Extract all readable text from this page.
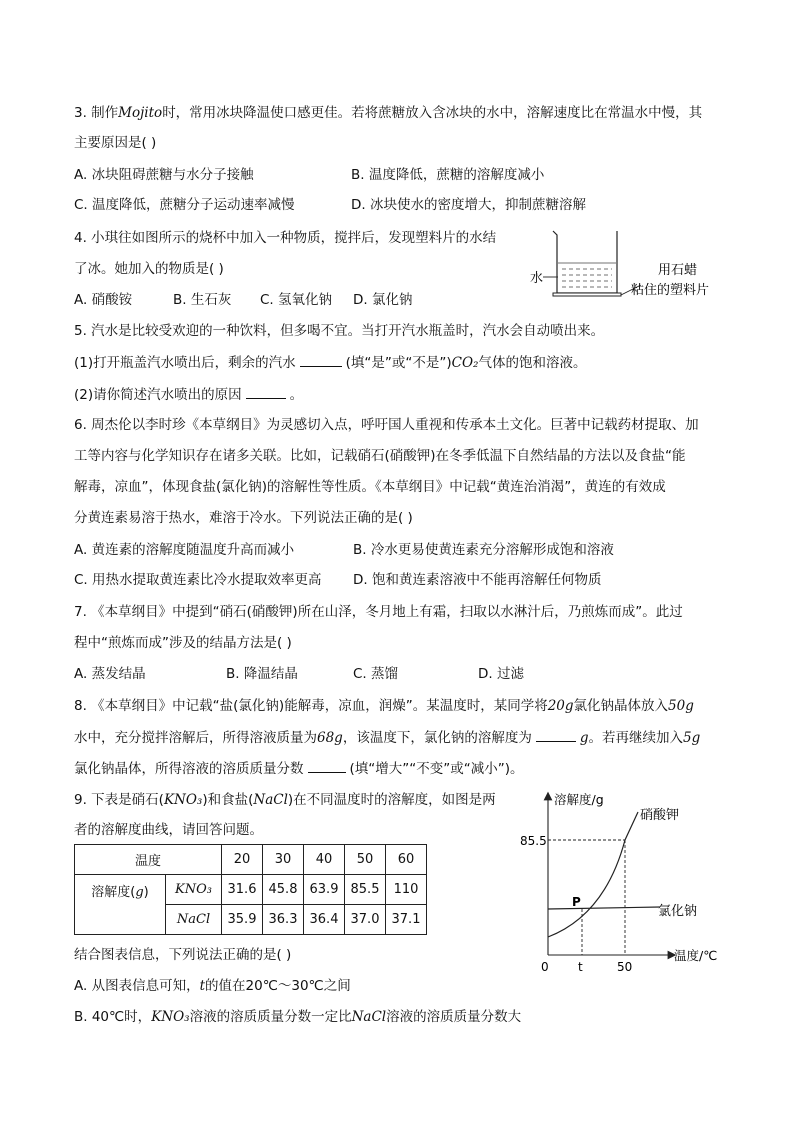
3. 制作Mojito时，常用冰块降温使口感更佳。若将蔗糖放入含冰块的水中，溶解速度比在常温水中慢，其
主要原因是( )
A. 冰块阻碍蔗糖与水分子接触	B. 温度降低，蔗糖的溶解度减小
C. 温度降低，蔗糖分子运动速率减慢	D. 冰块使水的密度增大，抑制蔗糖溶解
4. 小琪往如图所示的烧杯中加入一种物质，搅拌后，发现塑料片的水结
了冰。她加入的物质是( )
A. 硝酸铵	B. 生石灰 C. 氢氧化钠 D. 氯化钠
水
用石蜡
粘住的塑料片
5. 汽水是比较受欢迎的一种饮料，但多喝不宜。当打开汽水瓶盖时，汽水会自动喷出来。
(1)打开瓶盖汽水喷出后，剩余的汽水	(填“是”或“不是”)CO₂气体的饱和溶液。
(2)请你简述汽水喷出的原因	。
6. 周杰伦以李时珍《本草纲目》为灵感切入点，呼吁国人重视和传承本土文化。巨著中记载药材提取、加
工等内容与化学知识存在诸多关联。比如，记载硝石(硝酸钾)在冬季低温下自然结晶的方法以及食盐“能
解毒，凉血”，体现食盐(氯化钠)的溶解性等性质。《本草纲目》中记载“黄连治消渴”，黄连的有效成
分黄连素易溶于热水，难溶于冷水。下列说法正确的是( )
A. 黄连素的溶解度随温度升高而减小	B. 冷水更易使黄连素充分溶解形成饱和溶液
C. 用热水提取黄连素比冷水提取效率更高 D. 饱和黄连素溶液中不能再溶解任何物质
7. 《本草纲目》中提到“硝石(硝酸钾)所在山泽，冬月地上有霜，扫取以水淋汁后，乃煎炼而成”。此过
程中“煎炼而成”涉及的结晶方法是( )
A. 蒸发结晶	B. 降温结晶	C. 蒸馏	D. 过滤
8. 《本草纲目》中记载“盐(氯化钠)能解毒，凉血，润燥”。某温度时，某同学将20g氯化钠晶体放入50g
水中，充分搅拌溶解后，所得溶液质量为68g，该温度下，氯化钠的溶解度为	g。若再继续加入5g
氯化钠晶体，所得溶液的溶质质量分数	(填“增大”“不变”或“减小”)。
9. 下表是硝石(KNO₃)和食盐(NaCl)在不同温度时的溶解度，如图是两
者的溶解度曲线，请回答问题。
温度		20	30	40	50	60
溶解度(g)	KNO₃	31.6	45.8	63.9	85.5	110
	NaCl	35.9	36.3	36.4	37.0	37.1
结合图表信息，下列说法正确的是( )
A. 从图表信息可知，t的值在20℃～30℃之间
B. 40℃时，KNO₃溶液的溶质质量分数一定比NaCl溶液的溶质质量分数大
溶解度/g
温度/℃
85.5
0 t	50
P
硝酸钾
氯化钠
